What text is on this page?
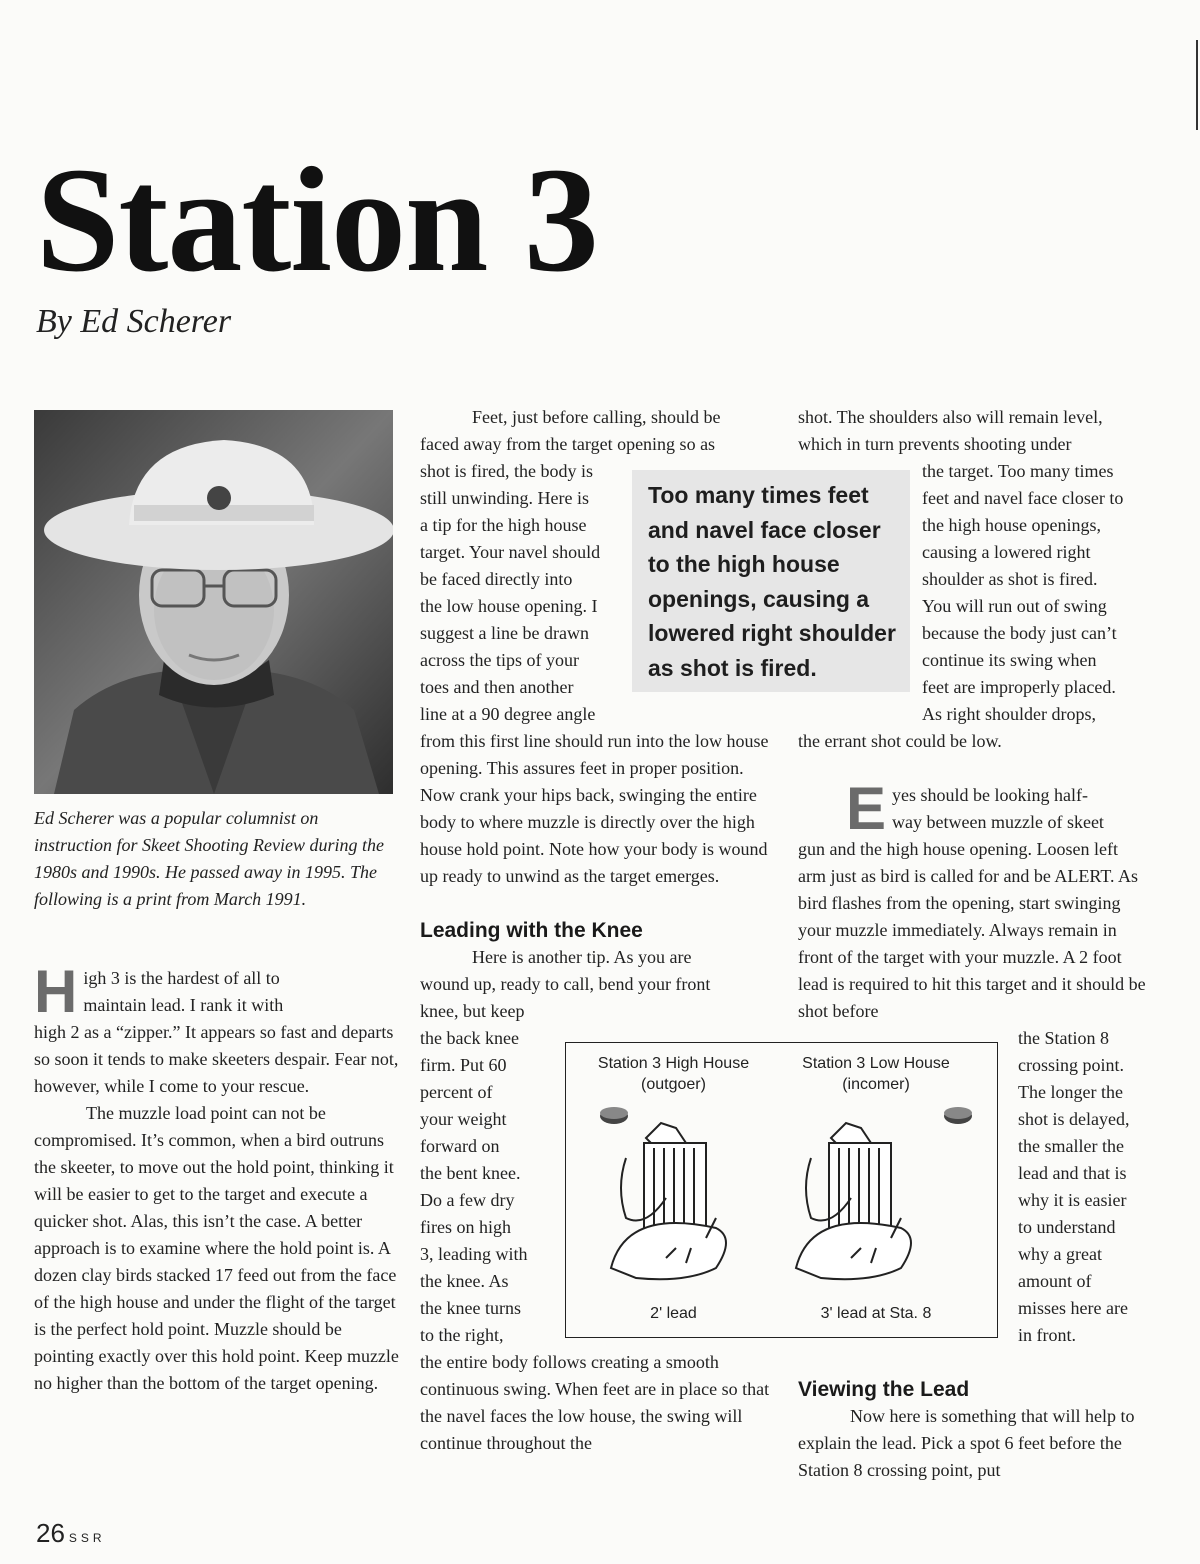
Station 3
By Ed Scherer
Ed Scherer was a popular columnist on instruction for Skeet Shooting Review during the 1980s and 1990s. He passed away in 1995. The following is a print from March 1991.

H igh 3 is the hardest of all to
maintain lead. I rank it with
high 2 as a “zipper.” It appears so fast and departs so soon it tends to make skeeters despair. Fear not, however, while I come to your rescue.

The muzzle load point can not be compromised. It’s common, when a bird outruns the skeeter, to move out the hold point, thinking it will be easier to get to the target and execute a quicker shot. Alas, this isn’t the case. A better approach is to examine where the hold point is. A dozen clay birds stacked 17 feed out from the face of the high house and under the flight of the target is the perfect hold point. Muzzle should be pointing exactly over this hold point. Keep muzzle no higher than the bottom of the target opening.

Feet, just before calling, should be
faced away from the target opening so as
shot is fired, the body is
still unwinding. Here is
a tip for the high house
target. Your navel should
be faced directly into
the low house opening. I
suggest a line be drawn
across the tips of your
toes and then another
line at a 90 degree angle
from this first line should run into the low house opening. This assures feet in proper position. Now crank your hips back, swinging the entire body to where muzzle is directly over the high house hold point. Note how your body is wound up ready to unwind as the target emerges.

Leading with the Knee

Here is another tip. As you are
wound up, ready to call, bend your front
knee, but keep
the back knee
firm. Put 60
percent of
your weight
forward on
the bent knee.
Do a few dry
fires on high
3, leading with
the knee. As
the knee turns
to the right,
the entire body follows creating a smooth continuous swing. When feet are in place so that the navel faces the low house, the swing will continue throughout the

shot. The shoulders also will remain level,
which in turn prevents shooting under
the target. Too many times
feet and navel face closer to
the high house openings,
causing a lowered right
shoulder as shot is fired.
You will run out of swing
because the body just can’t
continue its swing when
feet are improperly placed.
As right shoulder drops,
the errant shot could be low.

E yes should be looking half-
way between muzzle of skeet

gun and the high house opening. Loosen left arm just as bird is called for and be ALERT. As bird flashes from the opening, start swinging your muzzle immediately. Always remain in front of the target with your muzzle. A 2 foot lead is required to hit this target and it should be shot before
the Station 8
crossing point.
The longer the
shot is delayed,
the smaller the
lead and that is
why it is easier
to understand
why a great
amount of
misses here are
in front.

Viewing the Lead

Now here is something that will help to explain the lead. Pick a spot 6 feet before the Station 8 crossing point, put

Too many times feet and navel face closer to the high house openings, causing a lowered right shoulder as shot is fired.
Station 3 High House
(outgoer)
Station 3 Low House
(incomer)
2' lead	3' lead at Sta. 8
26 SSR
